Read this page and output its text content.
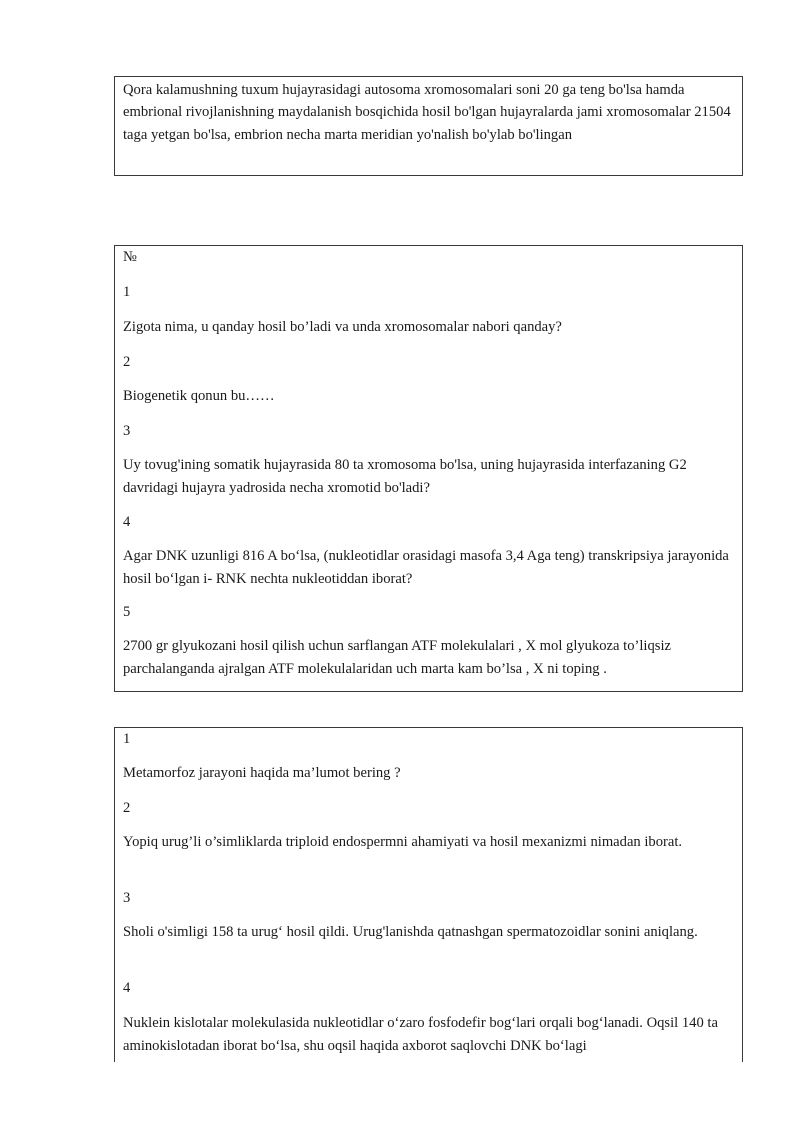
Qora kalamushning tuxum hujayrasidagi autosoma xromosomalari soni 20 ga teng bo'lsa hamda embrional rivojlanishning maydalanish bosqichida hosil bo'lgan hujayralarda jami xromosomalar 21504 taga yetgan bo'lsa, embrion necha marta meridian yo'nalish bo'ylab bo'lingan

№

1

Zigota nima, u qanday hosil bo’ladi va unda xromosomalar nabori qanday?

2

Biogenetik qonun bu……

3

Uy tovug'ining somatik hujayrasida 80 ta xromosoma bo'lsa, uning hujayrasida interfazaning G2 davridagi hujayra yadrosida necha xromotid bo'ladi?

4

Agar DNK uzunligi 816 A bo‘lsa, (nukleotidlar orasidagi masofa 3,4 Aga teng) transkripsiya jarayonida hosil bo‘lgan i- RNK nechta nukleotiddan iborat?

5

2700 gr glyukozani hosil qilish uchun sarflangan ATF molekulalari , X mol glyukoza to’liqsiz parchalanganda ajralgan ATF molekulalaridan uch marta kam bo’lsa , X ni toping .

1

Metamorfoz jarayoni haqida ma’lumot bering ?

2

Yopiq urug’li o’simliklarda triploid endospermni ahamiyati va hosil mexanizmi nimadan iborat.

3

Sholi o'simligi 158 ta urug‘ hosil qildi. Urug'lanishda qatnashgan spermatozoidlar sonini aniqlang.

4

Nuklein kislotalar molekulasida nukleotidlar o‘zaro fosfodefir bog‘lari orqali bog‘lanadi. Oqsil 140 ta aminokislotadan iborat bo‘lsa, shu oqsil haqida axborot saqlovchi DNK bo‘lagi
